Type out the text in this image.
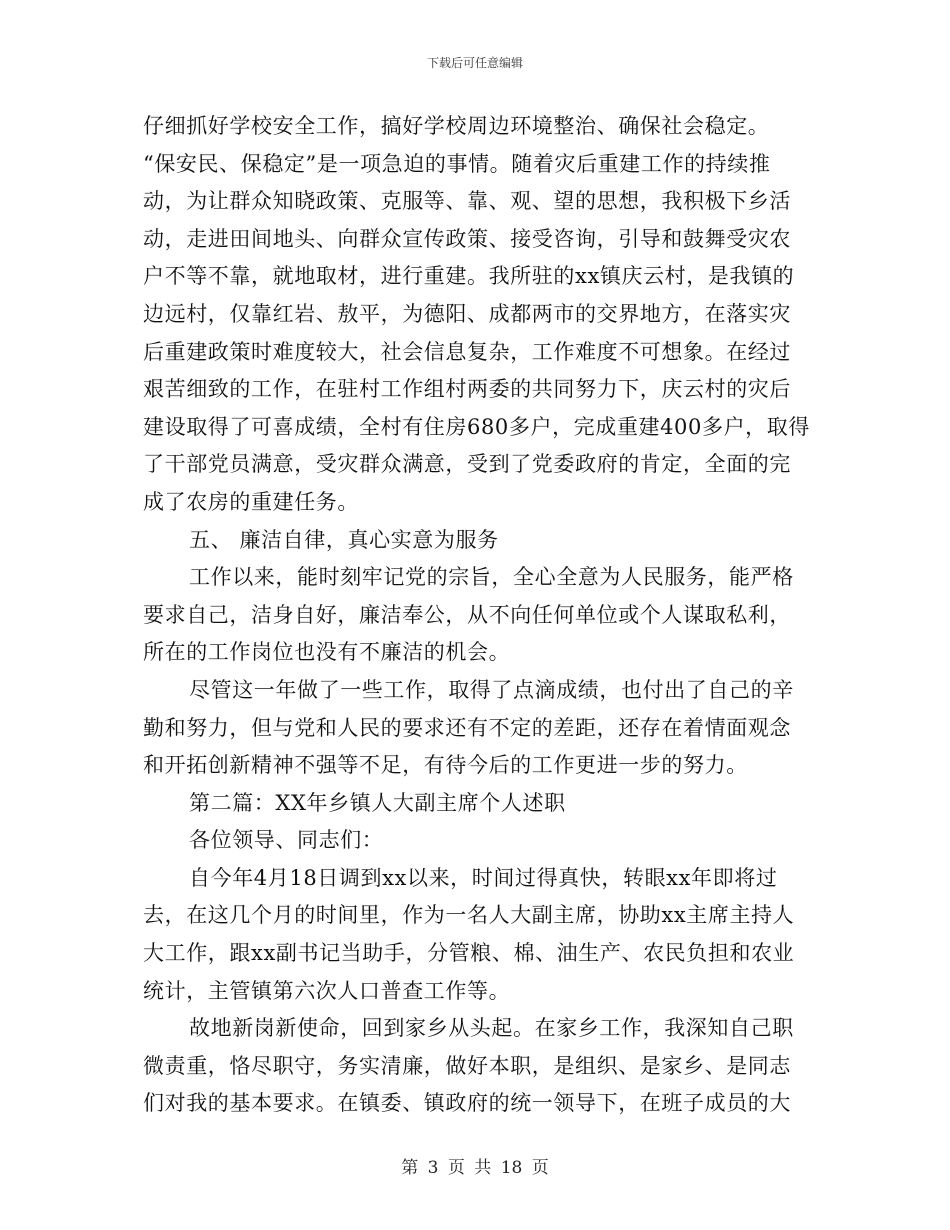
下载后可任意编辑
仔细抓好学校安全工作，搞好学校周边环境整治、确保社会稳定。
“保安民、保稳定”是一项急迫的事情。随着灾后重建工作的持续推
动，为让群众知晓政策、克服等、靠、观、望的思想，我积极下乡活
动，走进田间地头、向群众宣传政策、接受咨询，引导和鼓舞受灾农
户不等不靠，就地取材，进行重建。我所驻的xx镇庆云村，是我镇的
边远村，仅靠红岩、敖平，为德阳、成都两市的交界地方，在落实灾
后重建政策时难度较大，社会信息复杂，工作难度不可想象。在经过
艰苦细致的工作，在驻村工作组村两委的共同努力下，庆云村的灾后
建设取得了可喜成绩，全村有住房680多户，完成重建400多户，取得
了干部党员满意，受灾群众满意，受到了党委政府的肯定，全面的完
成了农房的重建任务。
五、 廉洁自律，真心实意为服务
工作以来，能时刻牢记党的宗旨，全心全意为人民服务，能严格
要求自己，洁身自好，廉洁奉公，从不向任何单位或个人谋取私利，
所在的工作岗位也没有不廉洁的机会。
尽管这一年做了一些工作，取得了点滴成绩，也付出了自己的辛
勤和努力，但与党和人民的要求还有不定的差距，还存在着情面观念
和开拓创新精神不强等不足，有待今后的工作更进一步的努力。
第二篇：XX年乡镇人大副主席个人述职
各位领导、同志们：
自今年4月18日调到xx以来，时间过得真快，转眼xx年即将过
去，在这几个月的时间里，作为一名人大副主席，协助xx主席主持人
大工作，跟xx副书记当助手，分管粮、棉、油生产、农民负担和农业
统计，主管镇第六次人口普查工作等。
故地新岗新使命，回到家乡从头起。在家乡工作，我深知自己职
微责重，恪尽职守，务实清廉，做好本职，是组织、是家乡、是同志
们对我的基本要求。在镇委、镇政府的统一领导下，在班子成员的大
第 3 页 共 18 页
